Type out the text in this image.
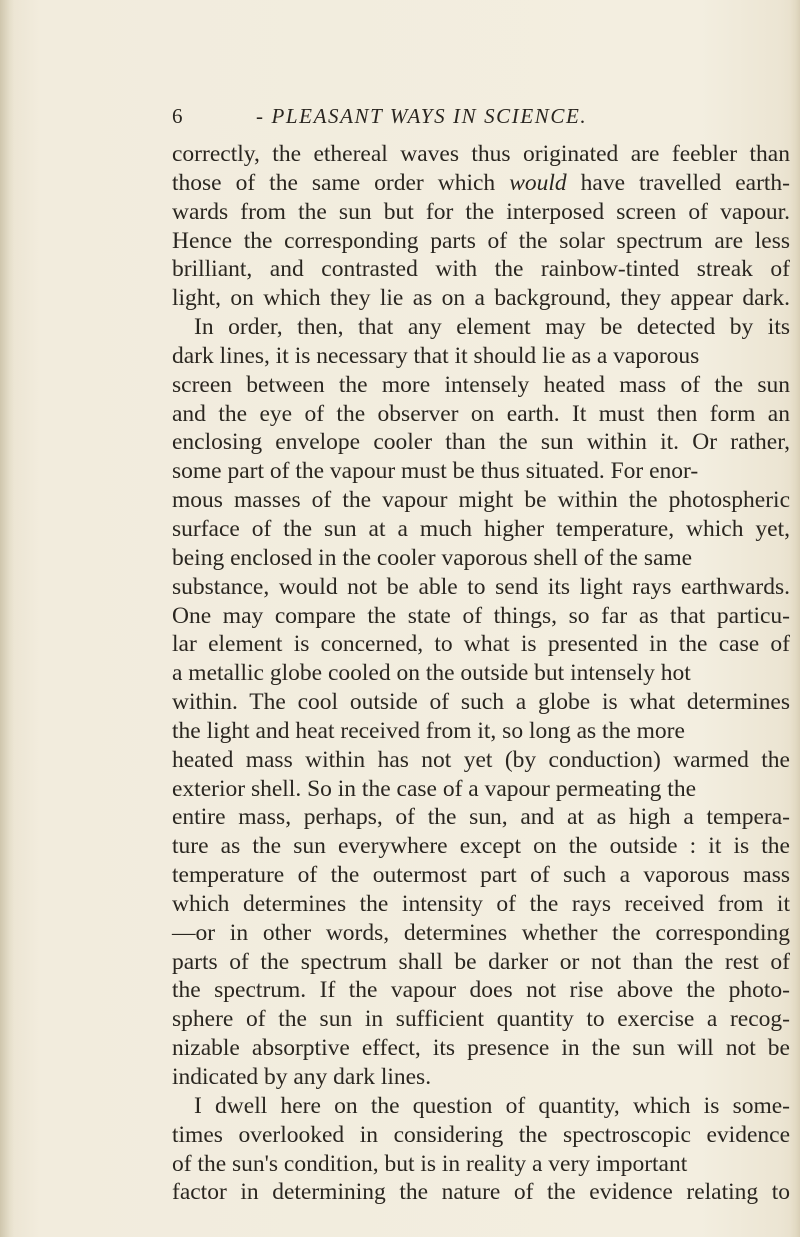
6	- PLEASANT WAYS IN SCIENCE.
correctly, the ethereal waves thus originated are feebler than
those of the same order which would have travelled earth-
wards from the sun but for the interposed screen of vapour.
Hence the corresponding parts of the solar spectrum are less
brilliant, and contrasted with the rainbow-tinted streak of
light, on which they lie as on a background, they appear dark.
In order, then, that any element may be detected by its
dark lines, it is necessary that it should lie as a vaporous
screen between the more intensely heated mass of the sun
and the eye of the observer on earth. It must then form an
enclosing envelope cooler than the sun within it. Or rather,
some part of the vapour must be thus situated. For enor-
mous masses of the vapour might be within the photospheric
surface of the sun at a much higher temperature, which yet,
being enclosed in the cooler vaporous shell of the same
substance, would not be able to send its light rays earthwards.
One may compare the state of things, so far as that particu-
lar element is concerned, to what is presented in the case of
a metallic globe cooled on the outside but intensely hot
within. The cool outside of such a globe is what determines
the light and heat received from it, so long as the more
heated mass within has not yet (by conduction) warmed the
exterior shell. So in the case of a vapour permeating the
entire mass, perhaps, of the sun, and at as high a tempera-
ture as the sun everywhere except on the outside : it is the
temperature of the outermost part of such a vaporous mass
which determines the intensity of the rays received from it
—or in other words, determines whether the corresponding
parts of the spectrum shall be darker or not than the rest of
the spectrum. If the vapour does not rise above the photo-
sphere of the sun in sufficient quantity to exercise a recog-
nizable absorptive effect, its presence in the sun will not be
indicated by any dark lines.
I dwell here on the question of quantity, which is some-
times overlooked in considering the spectroscopic evidence
of the sun's condition, but is in reality a very important
factor in determining the nature of the evidence relating to
